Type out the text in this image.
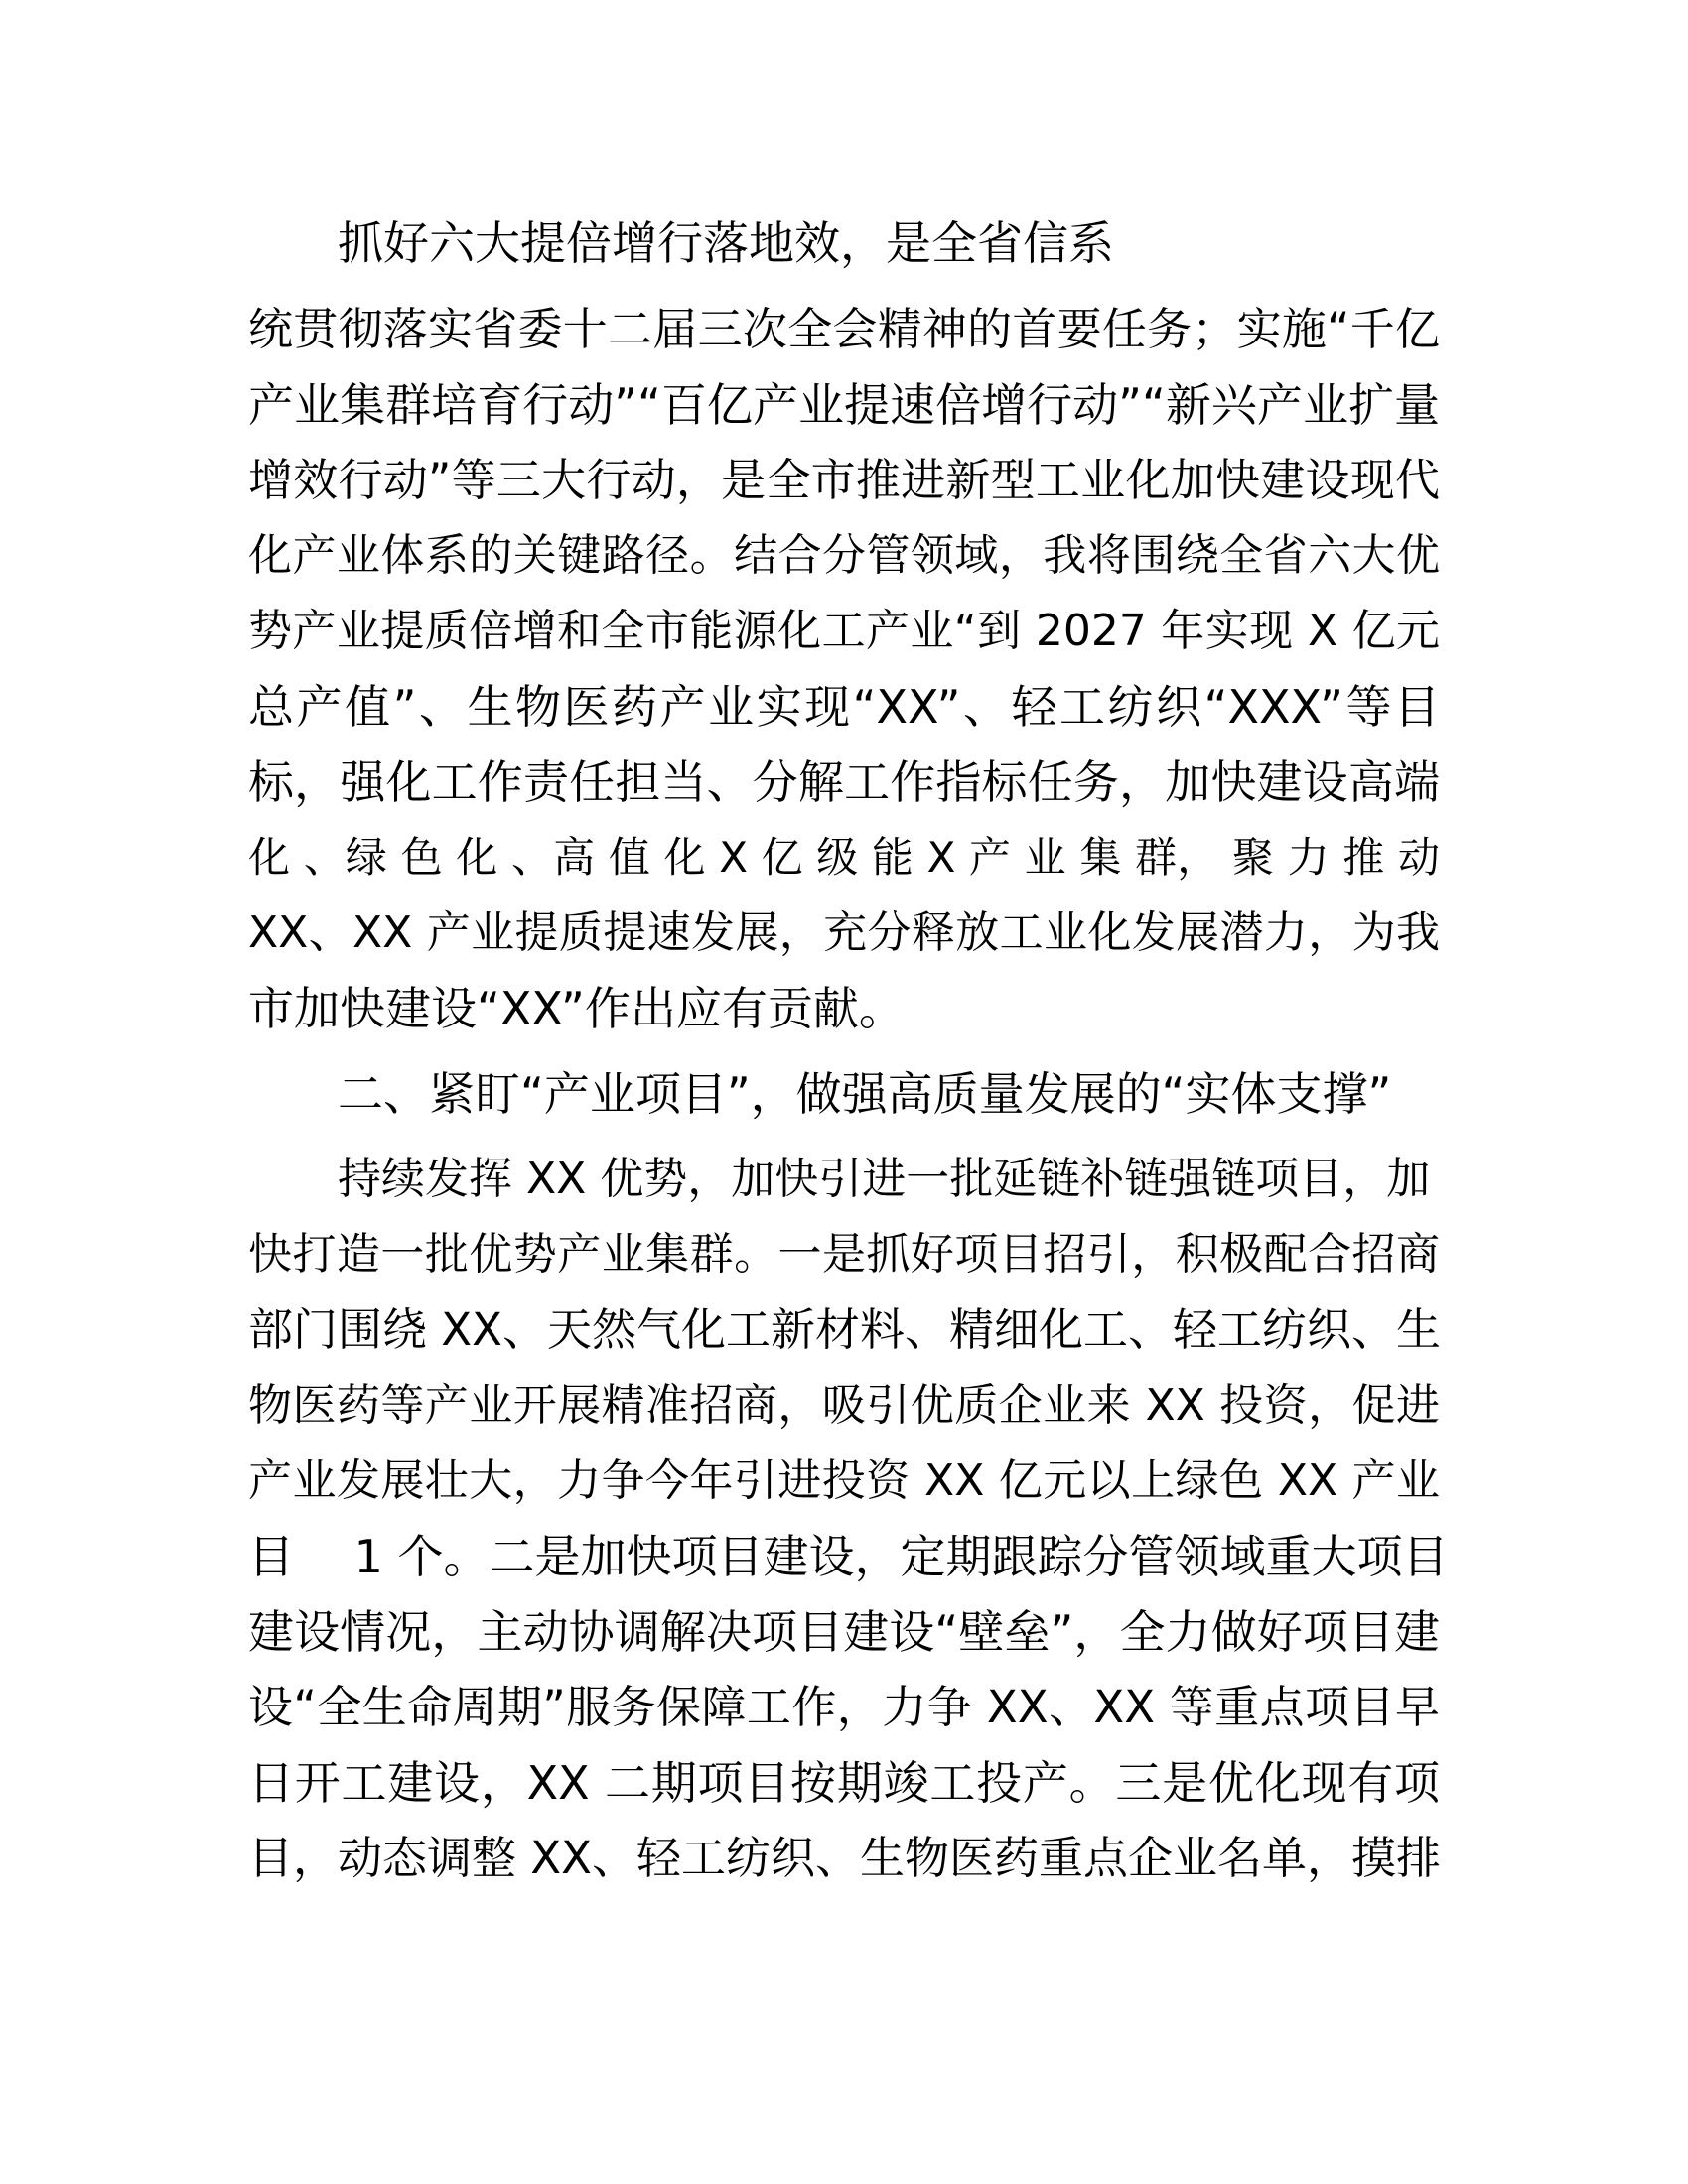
抓好六大提倍增行落地效，是全省信系
统贯彻落实省委十二届三次全会精神的首要任务；实施“千亿
产业集群培育行动”“百亿产业提速倍增行动”“新兴产业扩量
增效行动”等三大行动，是全市推进新型工业化加快建设现代
化产业体系的关键路径。结合分管领域，我将围绕全省六大优
势产业提质倍增和全市能源化工产业“到 2027 年实现 X 亿元
总产值”、生物医药产业实现“XX”、轻工纺织“XXX”等目
标，强化工作责任担当、分解工作指标任务，加快建设高端
化 、绿 色 化 、高 值 化 X 亿 级 能 X 产 业 集 群， 聚 力 推 动
XX、XX 产业提质提速发展，充分释放工业化发展潜力，为我
市加快建设“XX”作出应有贡献。
二、紧盯“产业项目”，做强高质量发展的“实体支撑”
持续发挥 XX 优势，加快引进一批延链补链强链项目，加
快打造一批优势产业集群。一是抓好项目招引，积极配合招商
部门围绕 XX、天然气化工新材料、精细化工、轻工纺织、生
物医药等产业开展精准招商，吸引优质企业来 XX 投资，促进
产业发展壮大，力争今年引进投资 XX 亿元以上绿色 XX 产业
目　 1 个。二是加快项目建设，定期跟踪分管领域重大项目
建设情况，主动协调解决项目建设“壁垒”，全力做好项目建
设“全生命周期”服务保障工作，力争 XX、XX 等重点项目早
日开工建设，XX 二期项目按期竣工投产。三是优化现有项
目，动态调整 XX、轻工纺织、生物医药重点企业名单，摸排
